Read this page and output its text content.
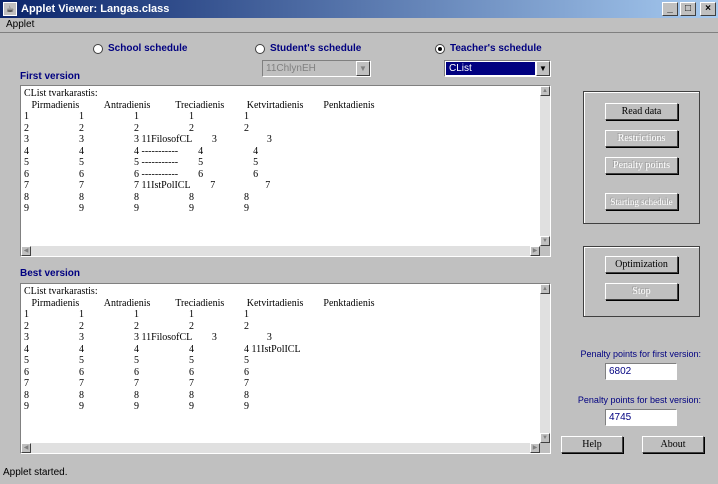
☕ Applet Viewer: Langas.class	_	□	×
Applet
School schedule	Student's schedule	Teacher's schedule
11ChlynEH	▼	CList	▼
First version
CList tvarkarastis:
Pirmadienis          Antradienis          Treciadienis         Ketvirtadienis        Penktadienis
1                    1                    1                    1                    1
2                    2                    2                    2                    2
3                    3                    3 11FilosofCL        3                    3
4                    4                    4 -----------        4                    4
5                    5                    5 -----------        5                    5
6                    6                    6 -----------        6                    6
7                    7                    7 11IstPolICL        7                    7
8                    8                    8                    8                    8
9                    9                    9                    9                    9
▲
▼
◀	▶
Best version
CList tvarkarastis:
Pirmadienis          Antradienis          Treciadienis         Ketvirtadienis        Penktadienis
1                    1                    1                    1                    1
2                    2                    2                    2                    2
3                    3                    3 11FilosofCL        3                    3
4                    4                    4                    4                    4 11IstPolICL
5                    5                    5                    5                    5
6                    6                    6                    6                    6
7                    7                    7                    7                    7
8                    8                    8                    8                    8
9                    9                    9                    9                    9
▲
▼
◀	▶
Read data
Restrictions
Penalty points
Starting schedule
Optimization
Stop
Penalty points for first version:
6802
Penalty points for best version:
4745
Help	About
Applet started.
